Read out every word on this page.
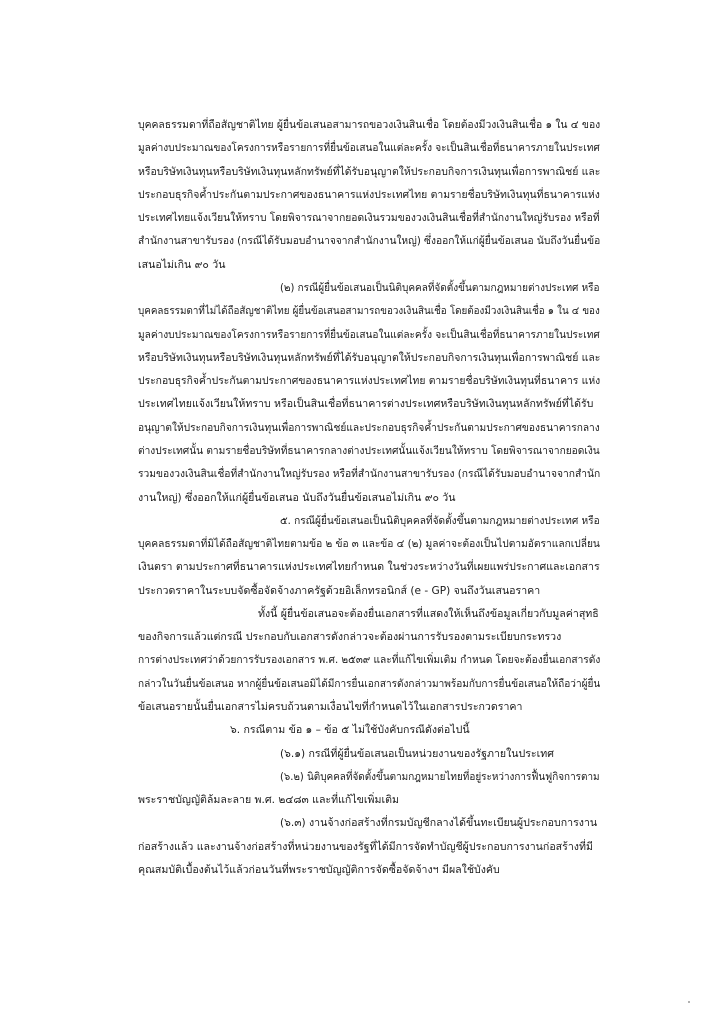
บุคคลธรรมดาที่ถือสัญชาติไทย ผู้ยื่นข้อเสนอสามารถขอวงเงินสินเชื่อ โดยต้องมีวงเงินสินเชื่อ ๑ ใน ๔ ของ
มูลค่างบประมาณของโครงการหรือรายการที่ยื่นข้อเสนอในแต่ละครั้ง จะเป็นสินเชื่อที่ธนาคารภายในประเทศ
หรือบริษัทเงินทุนหรือบริษัทเงินทุนหลักทรัพย์ที่ได้รับอนุญาตให้ประกอบกิจการเงินทุนเพื่อการพาณิชย์ และ
ประกอบธุรกิจค้ำประกันตามประกาศของธนาคารแห่งประเทศไทย ตามรายชื่อบริษัทเงินทุนที่ธนาคารแห่ง
ประเทศไทยแจ้งเวียนให้ทราบ โดยพิจารณาจากยอดเงินรวมของวงเงินสินเชื่อที่สำนักงานใหญ่รับรอง หรือที่
สำนักงานสาขารับรอง (กรณีได้รับมอบอำนาจจากสำนักงานใหญ่) ซึ่งออกให้แก่ผู้ยื่นข้อเสนอ นับถึงวันยื่นข้อ
เสนอไม่เกิน ๙๐ วัน
(๒) กรณีผู้ยื่นข้อเสนอเป็นนิติบุคคลที่จัดตั้งขึ้นตามกฎหมายต่างประเทศ หรือ
บุคคลธรรมดาที่ไม่ได้ถือสัญชาติไทย ผู้ยื่นข้อเสนอสามารถขอวงเงินสินเชื่อ โดยต้องมีวงเงินสินเชื่อ ๑ ใน ๔ ของ
มูลค่างบประมาณของโครงการหรือรายการที่ยื่นข้อเสนอในแต่ละครั้ง จะเป็นสินเชื่อที่ธนาคารภายในประเทศ
หรือบริษัทเงินทุนหรือบริษัทเงินทุนหลักทรัพย์ที่ได้รับอนุญาตให้ประกอบกิจการเงินทุนเพื่อการพาณิชย์ และ
ประกอบธุรกิจค้ำประกันตามประกาศของธนาคารแห่งประเทศไทย ตามรายชื่อบริษัทเงินทุนที่ธนาคาร แห่ง
ประเทศไทยแจ้งเวียนให้ทราบ หรือเป็นสินเชื่อที่ธนาคารต่างประเทศหรือบริษัทเงินทุนหลักทรัพย์ที่ได้รับ
อนุญาตให้ประกอบกิจการเงินทุนเพื่อการพาณิชย์และประกอบธุรกิจค้ำประกันตามประกาศของธนาคารกลาง
ต่างประเทศนั้น ตามรายชื่อบริษัทที่ธนาคารกลางต่างประเทศนั้นแจ้งเวียนให้ทราบ โดยพิจารณาจากยอดเงิน
รวมของวงเงินสินเชื่อที่สำนักงานใหญ่รับรอง หรือที่สำนักงานสาขารับรอง (กรณีได้รับมอบอำนาจจากสำนัก
งานใหญ่) ซึ่งออกให้แก่ผู้ยื่นข้อเสนอ นับถึงวันยื่นข้อเสนอไม่เกิน ๙๐ วัน
๕. กรณีผู้ยื่นข้อเสนอเป็นนิติบุคคลที่จัดตั้งขึ้นตามกฎหมายต่างประเทศ หรือ
บุคคลธรรมดาที่มิได้ถือสัญชาติไทยตามข้อ ๒ ข้อ ๓ และข้อ ๔ (๒) มูลค่าจะต้องเป็นไปตามอัตราแลกเปลี่ยน
เงินตรา ตามประกาศที่ธนาคารแห่งประเทศไทยกำหนด ในช่วงระหว่างวันที่เผยแพร่ประกาศและเอกสาร
ประกวดราคาในระบบจัดซื้อจัดจ้างภาครัฐด้วยอิเล็กทรอนิกส์ (e - GP) จนถึงวันเสนอราคา
ทั้งนี้ ผู้ยื่นข้อเสนอจะต้องยื่นเอกสารที่แสดงให้เห็นถึงข้อมูลเกี่ยวกับมูลค่าสุทธิ
ของกิจการแล้วแต่กรณี ประกอบกับเอกสารดังกล่าวจะต้องผ่านการรับรองตามระเบียบกระทรวง
การต่างประเทศว่าด้วยการรับรองเอกสาร พ.ศ. ๒๕๓๙ และที่แก้ไขเพิ่มเติม กำหนด โดยจะต้องยื่นเอกสารดัง
กล่าวในวันยื่นข้อเสนอ หากผู้ยื่นข้อเสนอมิได้มีการยื่นเอกสารดังกล่าวมาพร้อมกับการยื่นข้อเสนอให้ถือว่าผู้ยื่น
ข้อเสนอรายนั้นยื่นเอกสารไม่ครบถ้วนตามเงื่อนไขที่กำหนดไว้ในเอกสารประกวดราคา
๖. กรณีตาม ข้อ ๑ – ข้อ ๕ ไม่ใช้บังคับกรณีดังต่อไปนี้
(๖.๑) กรณีที่ผู้ยื่นข้อเสนอเป็นหน่วยงานของรัฐภายในประเทศ
(๖.๒) นิติบุคคลที่จัดตั้งขึ้นตามกฎหมายไทยที่อยู่ระหว่างการฟื้นฟูกิจการตาม
พระราชบัญญัติล้มละลาย พ.ศ. ๒๔๘๓ และที่แก้ไขเพิ่มเติม
(๖.๓) งานจ้างก่อสร้างที่กรมบัญชีกลางได้ขึ้นทะเบียนผู้ประกอบการงาน
ก่อสร้างแล้ว และงานจ้างก่อสร้างที่หน่วยงานของรัฐที่ได้มีการจัดทำบัญชีผู้ประกอบการงานก่อสร้างที่มี
คุณสมบัติเบื้องต้นไว้แล้วก่อนวันที่พระราชบัญญัติการจัดซื้อจัดจ้างฯ มีผลใช้บังคับ
